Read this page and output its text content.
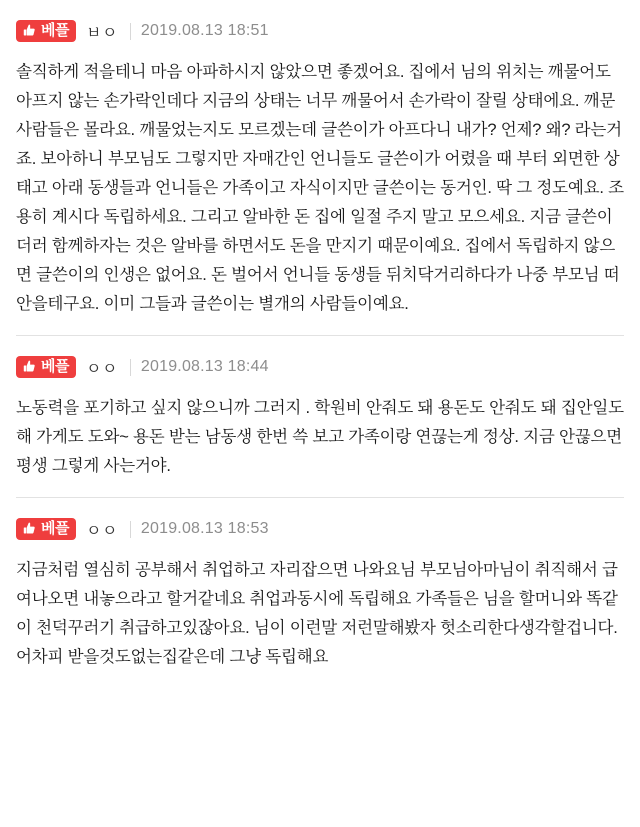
베플 ㅂㅇ 2019.08.13 18:51
솔직하게 적을테니 마음 아파하시지 않았으면 좋겠어요. 집에서 님의 위치는 깨물어도 아프지 않는 손가락인데다 지금의 상태는 너무 깨물어서 손가락이 잘릴 상태에요. 깨문 사람들은 몰라요. 깨물었는지도 모르겠는데 글쓴이가 아프다니 내가? 언제? 왜? 라는거죠. 보아하니 부모님도 그렇지만 자매간인 언니들도 글쓴이가 어렸을 때 부터 외면한 상태고 아래 동생들과 언니들은 가족이고 자식이지만 글쓴이는 동거인. 딱 그 정도예요. 조용히 계시다 독립하세요. 그리고 알바한 돈 집에 일절 주지 말고 모으세요. 지금 글쓴이더러 함께하자는 것은 알바를 하면서도 돈을 만지기 때문이예요. 집에서 독립하지 않으면 글쓴이의 인생은 없어요. 돈 벌어서 언니들 동생들 뒤치닥거리하다가 나중 부모님 떠안을테구요. 이미 그들과 글쓴이는 별개의 사람들이예요.
베플 ㅇㅇ 2019.08.13 18:44
노동력을 포기하고 싶지 않으니까 그러지 . 학원비 안줘도 돼 용돈도 안줘도 돼 집안일도 해 가게도 도와~ 용돈 받는 남동생 한번 쓱 보고 가족이랑 연끊는게 정상. 지금 안끊으면 평생 그렇게 사는거야.
베플 ㅇㅇ 2019.08.13 18:53
지금처럼 열심히 공부해서 취업하고 자리잡으면 나와요님 부모님아마님이 취직해서 급여나오면 내놓으라고 할거같네요 취업과동시에 독립해요 가족들은 님을 할머니와 똑같이 천덕꾸러기 취급하고있잖아요. 님이 이런말 저런말해봤자 헛소리한다생각할겁니다. 어차피 받을것도없는집같은데 그냥 독립해요
